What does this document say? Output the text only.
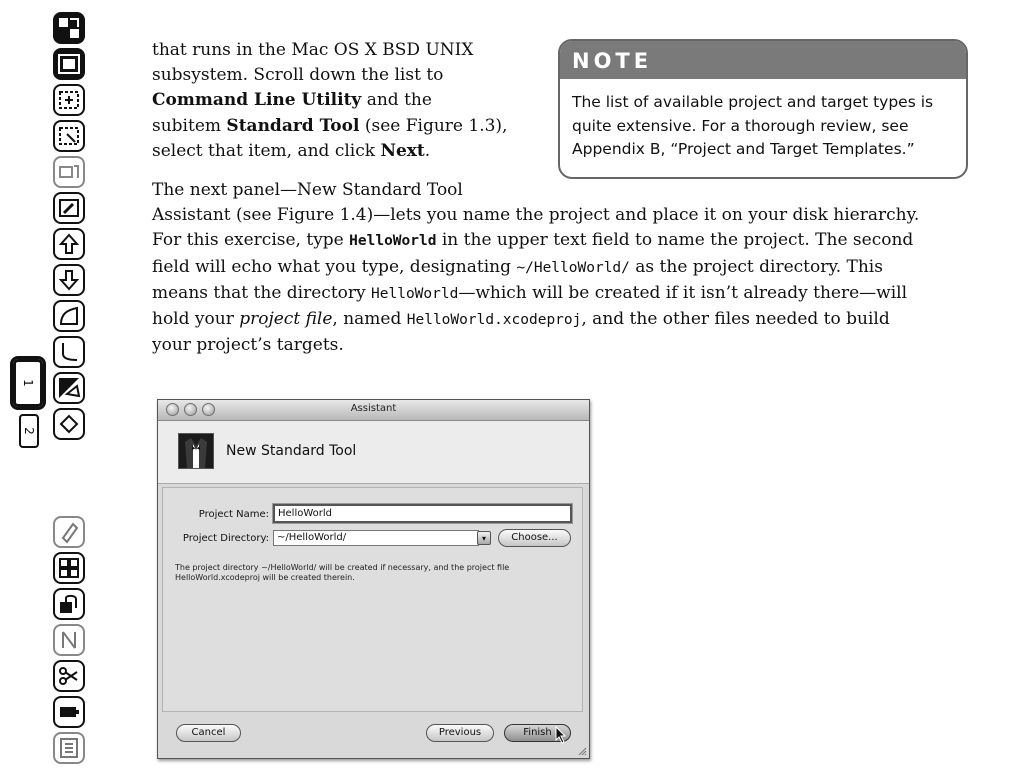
1
2
that runs in the Mac OS X BSD UNIX
subsystem. Scroll down the list to
Command Line Utility and the
subitem Standard Tool (see Figure 1.3),
select that item, and click Next.
NOTE
The list of available project and target types is quite extensive. For a thorough review, see Appendix B, “Project and Target Templates.”
The next panel—New Standard Tool
Assistant (see Figure 1.4)—lets you name the project and place it on your disk hierarchy.
For this exercise, type HelloWorld in the upper text field to name the project. The second
field will echo what you type, designating ~/HelloWorld/ as the project directory. This
means that the directory HelloWorld—which will be created if it isn’t already there—will
hold your project file, named HelloWorld.xcodeproj, and the other files needed to build
your project’s targets.
Assistant
New Standard Tool
Project Name: HelloWorld
Project Directory: ~/HelloWorld/	▾	Choose...
The project directory ~/HelloWorld/ will be created if necessary, and the project file
HelloWorld.xcodeproj will be created therein.
Cancel	Previous	Finish
